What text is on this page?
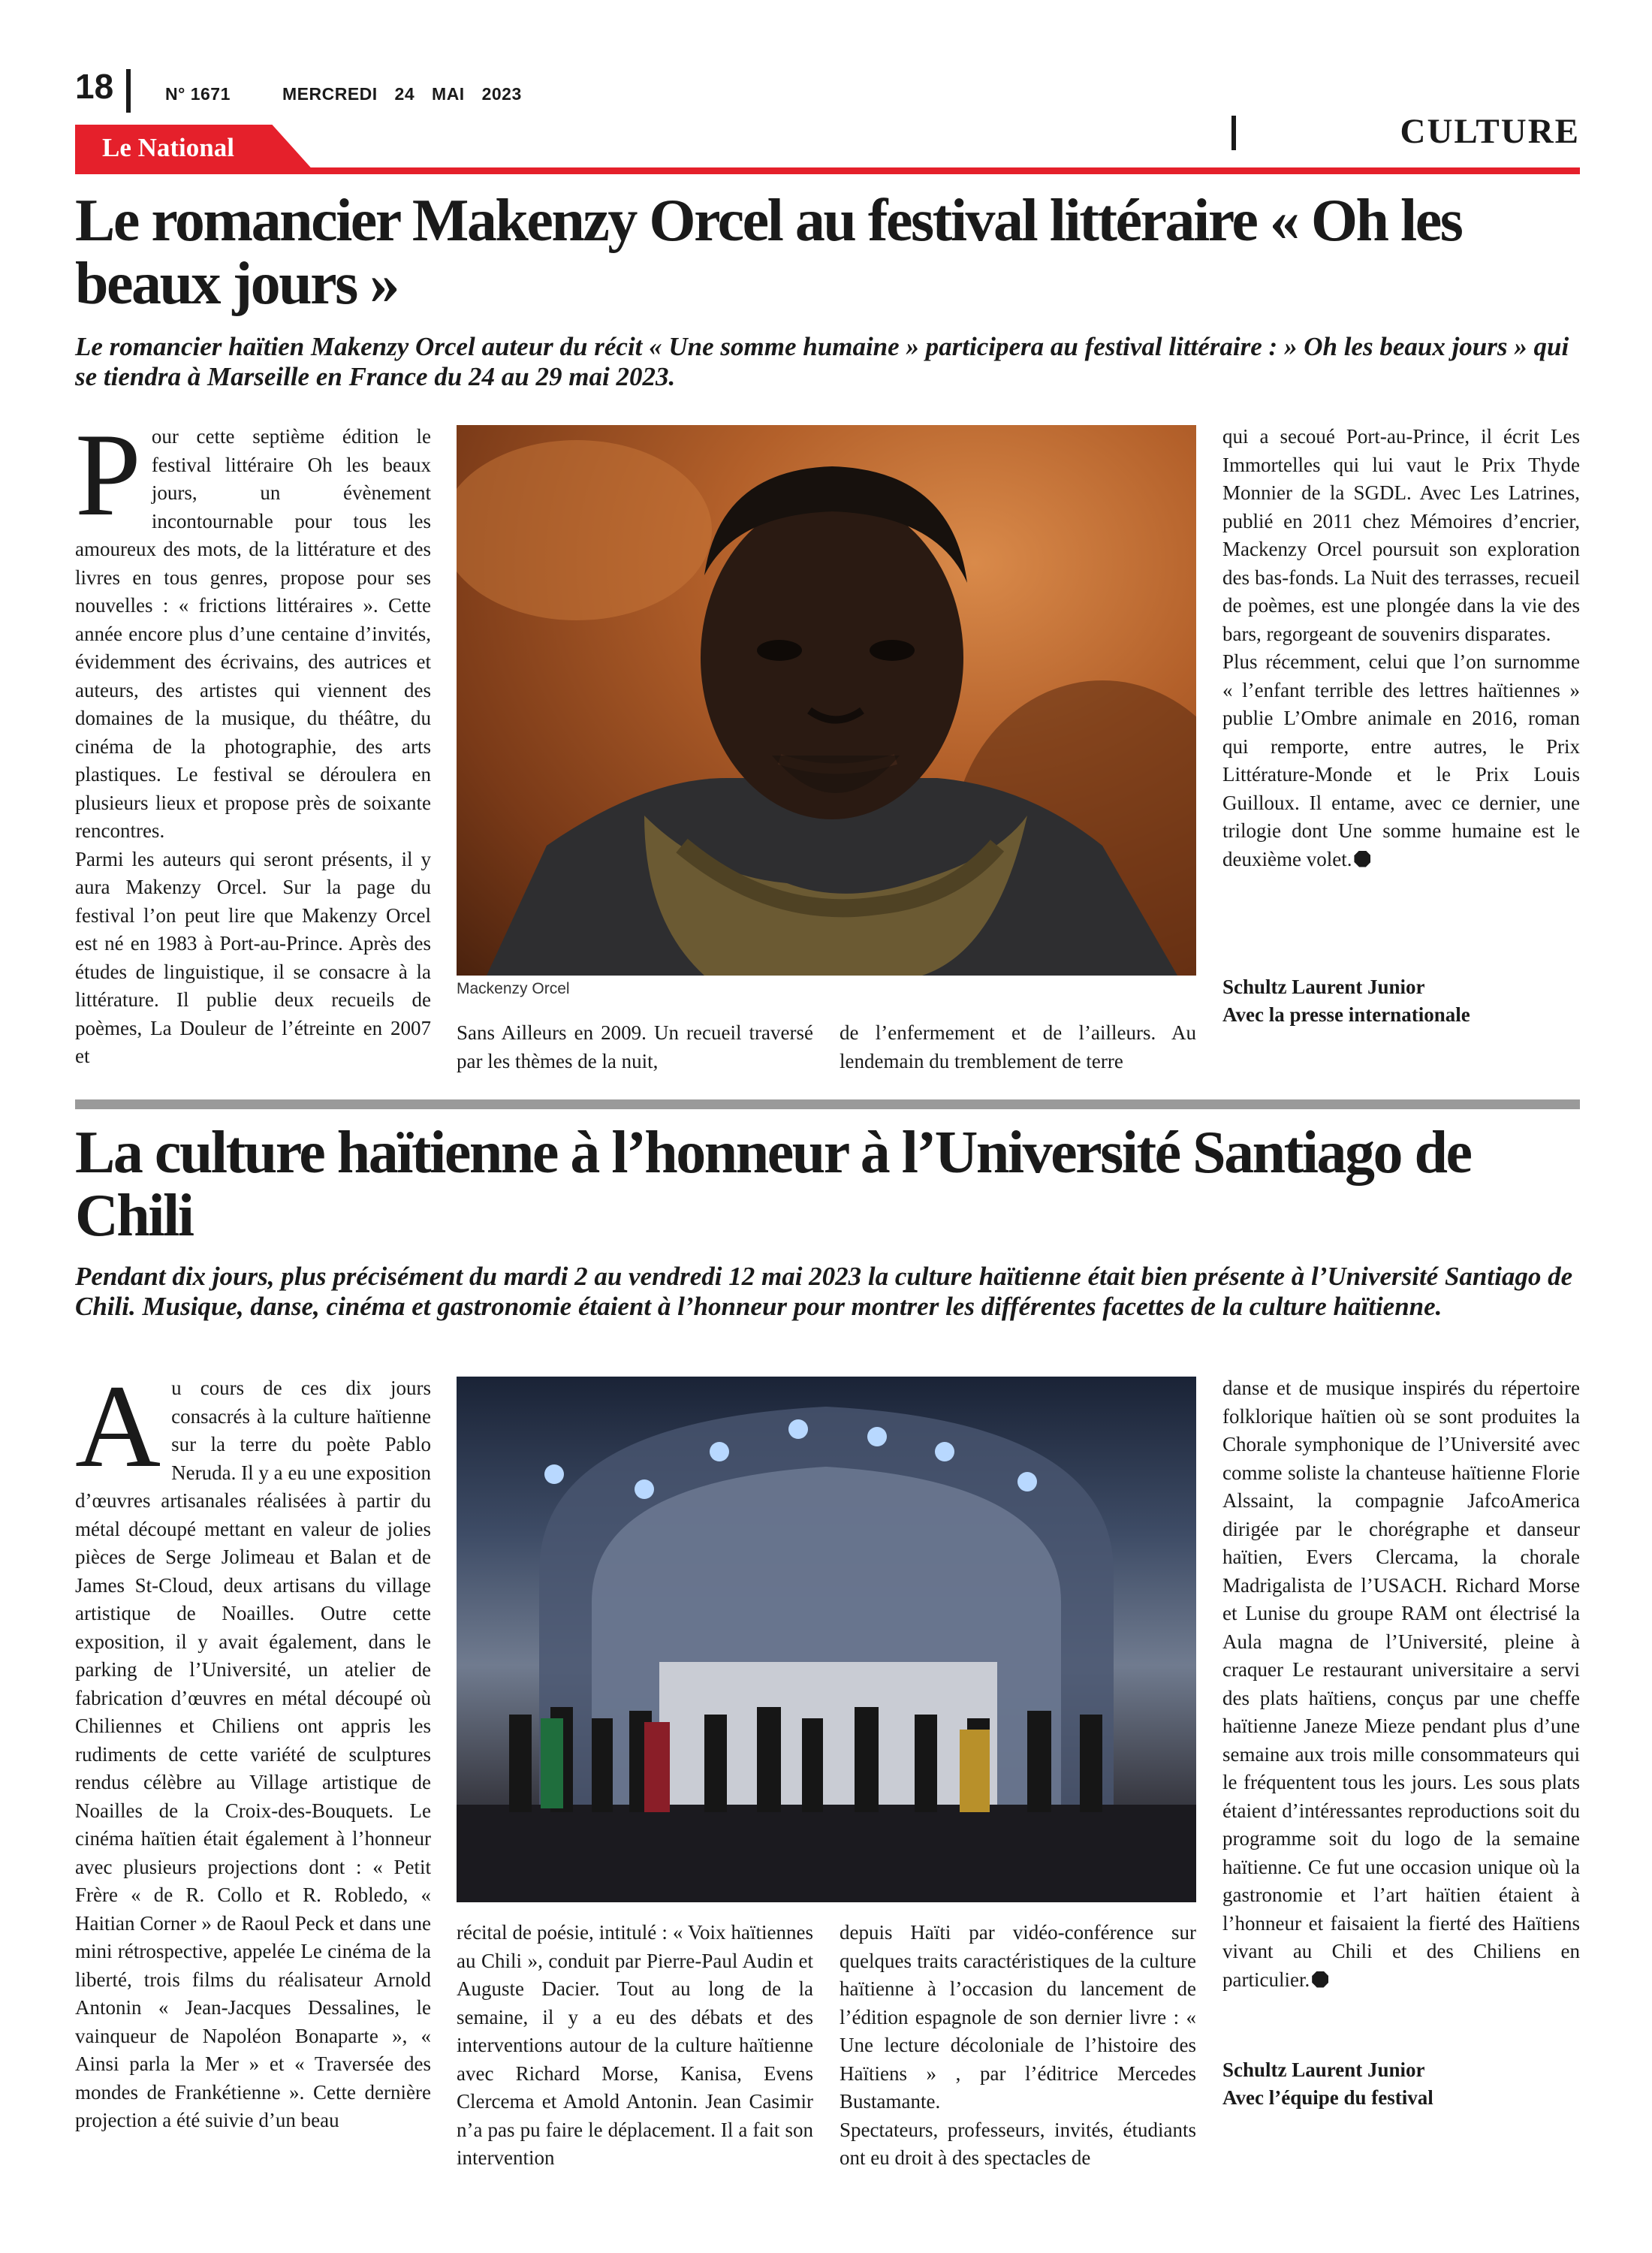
18	N° 1671	MERCREDI 24 MAI 2023
Le National	CULTURE
Le romancier Makenzy Orcel au festival littéraire « Oh les beaux jours »

Le romancier haïtien Makenzy Orcel auteur du récit « Une somme humaine » participera au festival littéraire : » Oh les beaux jours » qui se tiendra à Marseille en France du 24 au 29 mai 2023.

P our cette septième édition le festival littéraire Oh les beaux jours, un évènement incontournable pour tous les amoureux des mots, de la littérature et des livres en tous genres, propose pour ses nouvelles : « frictions littéraires ». Cette année encore plus d’une centaine d’invités, évidemment des écrivains, des autrices et auteurs, des artistes qui viennent des domaines de la musique, du théâtre, du cinéma de la photographie, des arts plastiques. Le festival se déroulera en plusieurs lieux et propose près de soixante rencontres.

Parmi les auteurs qui seront présents, il y aura Makenzy Orcel. Sur la page du festival l’on peut lire que Makenzy Orcel est né en 1983 à Port-au-Prince. Après des études de linguistique, il se consacre à la littérature. Il publie deux recueils de poèmes, La Douleur de l’étreinte en 2007 et

Mackenzy Orcel

Sans Ailleurs en 2009. Un recueil traversé par les thèmes de la nuit,

de l’enfermement et de l’ailleurs. Au lendemain du tremblement de terre

qui a secoué Port-au-Prince, il écrit Les Immortelles qui lui vaut le Prix Thyde Monnier de la SGDL. Avec Les Latrines, publié en 2011 chez Mémoires d’encrier, Mackenzy Orcel poursuit son exploration des bas-fonds. La Nuit des terrasses, recueil de poèmes, est une plongée dans la vie des bars, regorgeant de souvenirs disparates.

Plus récemment, celui que l’on surnomme « l’enfant terrible des lettres haïtiennes » publie L’Ombre animale en 2016, roman qui remporte, entre autres, le Prix Littérature-Monde et le Prix Louis Guilloux. Il entame, avec ce dernier, une trilogie dont Une somme humaine est le deuxième volet.

Schultz Laurent Junior
Avec la presse internationale
La culture haïtienne à l’honneur à l’Université Santiago de Chili

Pendant dix jours, plus précisément du mardi 2 au vendredi 12 mai 2023 la culture haïtienne était bien présente à l’Université Santiago de Chili. Musique, danse, cinéma et gastronomie étaient à l’honneur pour montrer les différentes facettes de la culture haïtienne.

A u cours de ces dix jours consacrés à la culture haïtienne sur la terre du poète Pablo Neruda. Il y a eu une exposition d’œuvres artisanales réalisées à partir du métal découpé mettant en valeur de jolies pièces de Serge Jolimeau et Balan et de James St-Cloud, deux artisans du village artistique de Noailles. Outre cette exposition, il y avait également, dans le parking de l’Université, un atelier de fabrication d’œuvres en métal découpé où Chiliennes et Chiliens ont appris les rudiments de cette variété de sculptures rendus célèbre au Village artistique de Noailles de la Croix-des-Bouquets. Le cinéma haïtien était également à l’honneur avec plusieurs projections dont : « Petit Frère « de R. Collo et R. Robledo, « Haitian Corner » de Raoul Peck et dans une mini rétrospective, appelée Le cinéma de la liberté, trois films du réalisateur Arnold Antonin « Jean-Jacques Dessalines, le vainqueur de Napoléon Bonaparte », « Ainsi parla la Mer » et « Traversée des mondes de Frankétienne ». Cette dernière projection a été suivie d’un beau

récital de poésie, intitulé : « Voix haïtiennes au Chili », conduit par Pierre-Paul Audin et Auguste Dacier. Tout au long de la semaine, il y a eu des débats et des interventions autour de la culture haïtienne avec Richard Morse, Kanisa, Evens Clercema et Amold Antonin. Jean Casimir n’a pas pu faire le déplacement. Il a fait son intervention

depuis Haïti par vidéo-conférence sur quelques traits caractéristiques de la culture haïtienne à l’occasion du lancement de l’édition espagnole de son dernier livre : « Une lecture décoloniale de l’histoire des Haïtiens » , par l’éditrice Mercedes Bustamante.

Spectateurs, professeurs, invités, étudiants ont eu droit à des spectacles de

danse et de musique inspirés du répertoire folklorique haïtien où se sont produites la Chorale symphonique de l’Université avec comme soliste la chanteuse haïtienne Florie Alssaint, la compagnie JafcoAmerica dirigée par le chorégraphe et danseur haïtien, Evers Clercama, la chorale Madrigalista de l’USACH. Richard Morse et Lunise du groupe RAM ont électrisé la Aula magna de l’Université, pleine à craquer Le restaurant universitaire a servi des plats haïtiens, conçus par une cheffe haïtienne Janeze Mieze pendant plus d’une semaine aux trois mille consommateurs qui le fréquentent tous les jours. Les sous plats étaient d’intéressantes reproductions soit du programme soit du logo de la semaine haïtienne. Ce fut une occasion unique où la gastronomie et l’art haïtien étaient à l’honneur et faisaient la fierté des Haïtiens vivant au Chili et des Chiliens en particulier.

Schultz Laurent Junior
Avec l’équipe du festival
